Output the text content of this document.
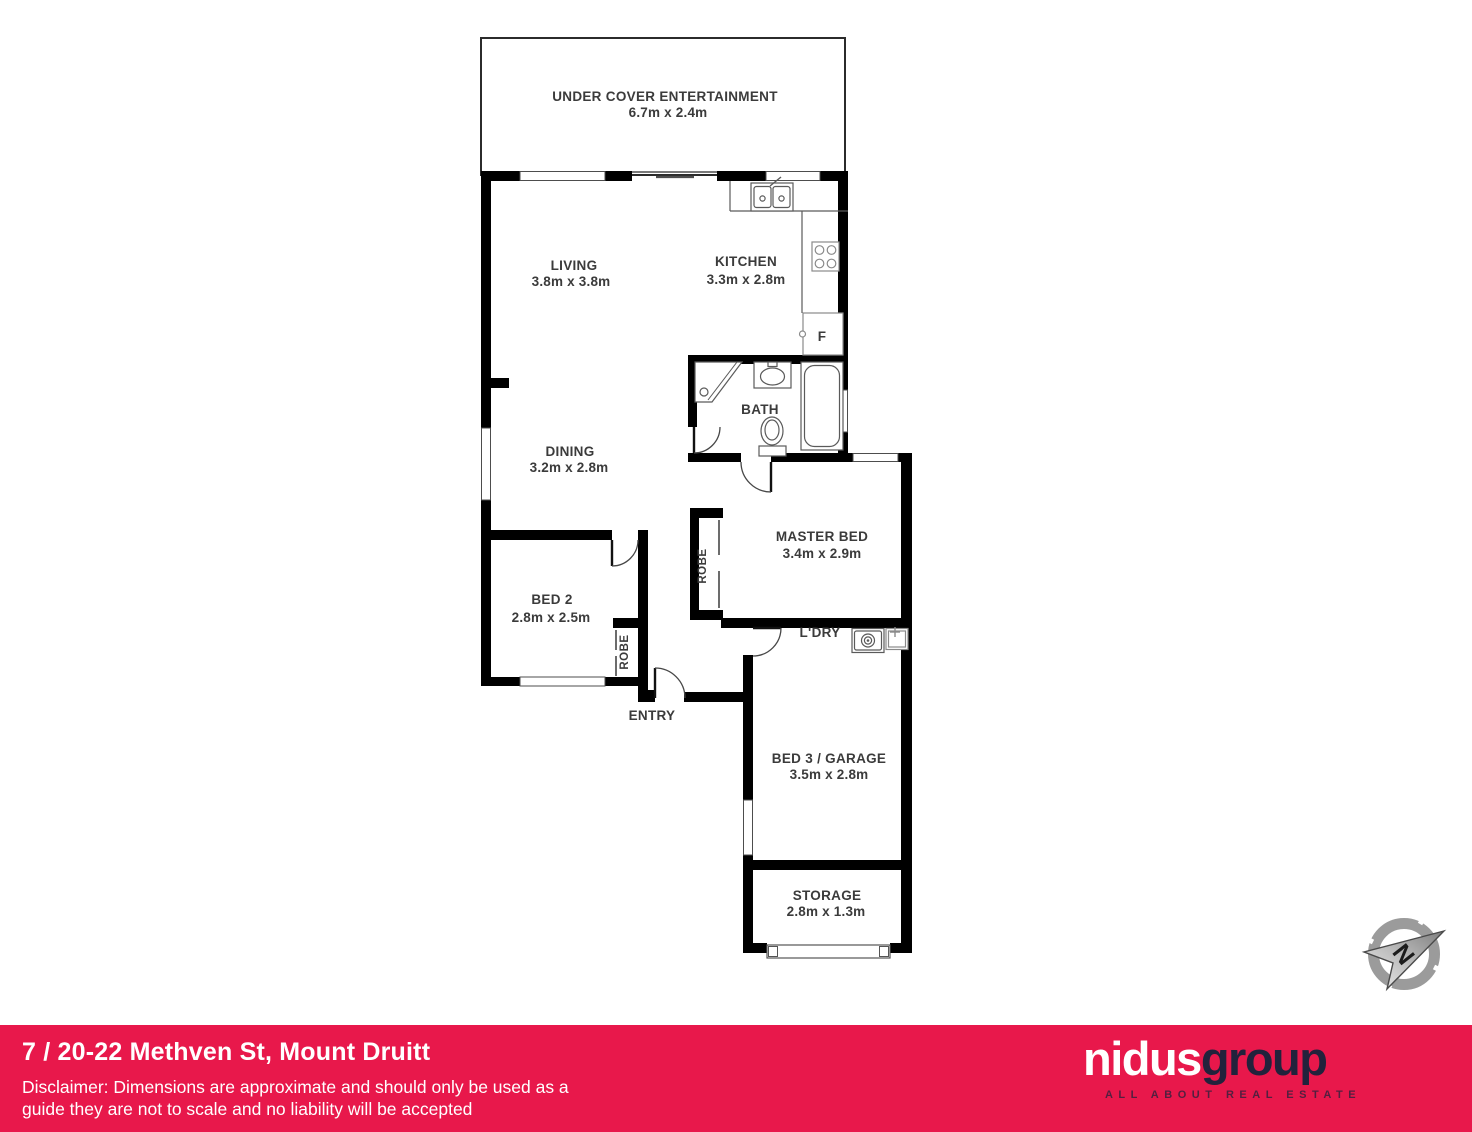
UNDER COVER ENTERTAINMENT
6.7m x 2.4m
LIVING
3.8m x 3.8m
KITCHEN
3.3m x 2.8m
F
BATH
DINING
3.2m x 2.8m
MASTER BED
3.4m x 2.9m
ROBE
BED 2
2.8m x 2.5m
ROBE
ENTRY
L'DRY
BED 3 / GARAGE
3.5m x 2.8m
STORAGE
2.8m x 1.3m
N
7 / 20-22 Methven St, Mount Druitt
Disclaimer: Dimensions are approximate and should only be used as a
guide they are not to scale and no liability will be accepted
nidusgroup
ALL ABOUT REAL ESTATE
